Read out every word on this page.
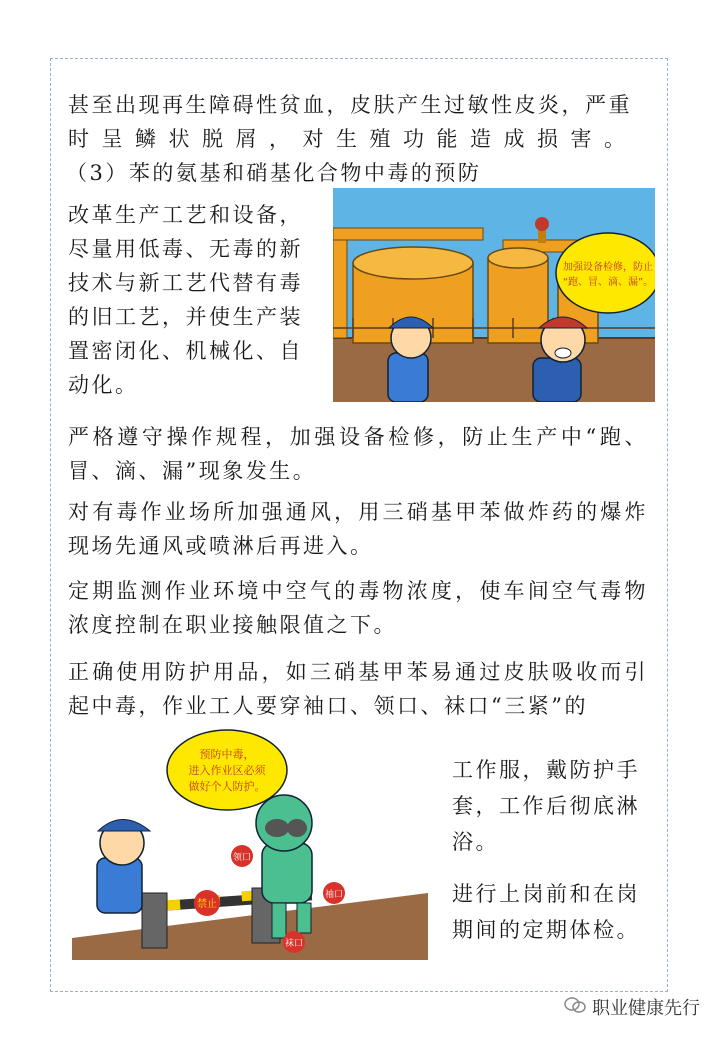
甚至出现再生障碍性贫血，皮肤产生过敏性皮炎，严重

时呈鳞状脱屑，对生殖功能造成损害。

（3）苯的氨基和硝基化合物中毒的预防

改革生产工艺和设备，

尽量用低毒、无毒的新

技术与新工艺代替有毒

的旧工艺，并使生产装

置密闭化、机械化、自

动化。

加强设备检修，防止
“跑、冒、滴、漏”。

严格遵守操作规程，加强设备检修，防止生产中“跑、冒、滴、漏”现象发生。

对有毒作业场所加强通风，用三硝基甲苯做炸药的爆炸现场先通风或喷淋后再进入。

定期监测作业环境中空气的毒物浓度，使车间空气毒物浓度控制在职业接触限值之下。

正确使用防护用品，如三硝基甲苯易通过皮肤吸收而引起中毒，作业工人要穿袖口、领口、袜口“三紧”的

禁止
领口
袖口
袜口
预防中毒，
进入作业区必须
做好个人防护。

工作服，戴防护手套，工作后彻底淋浴。

进行上岗前和在岗期间的定期体检。

职业健康先行
